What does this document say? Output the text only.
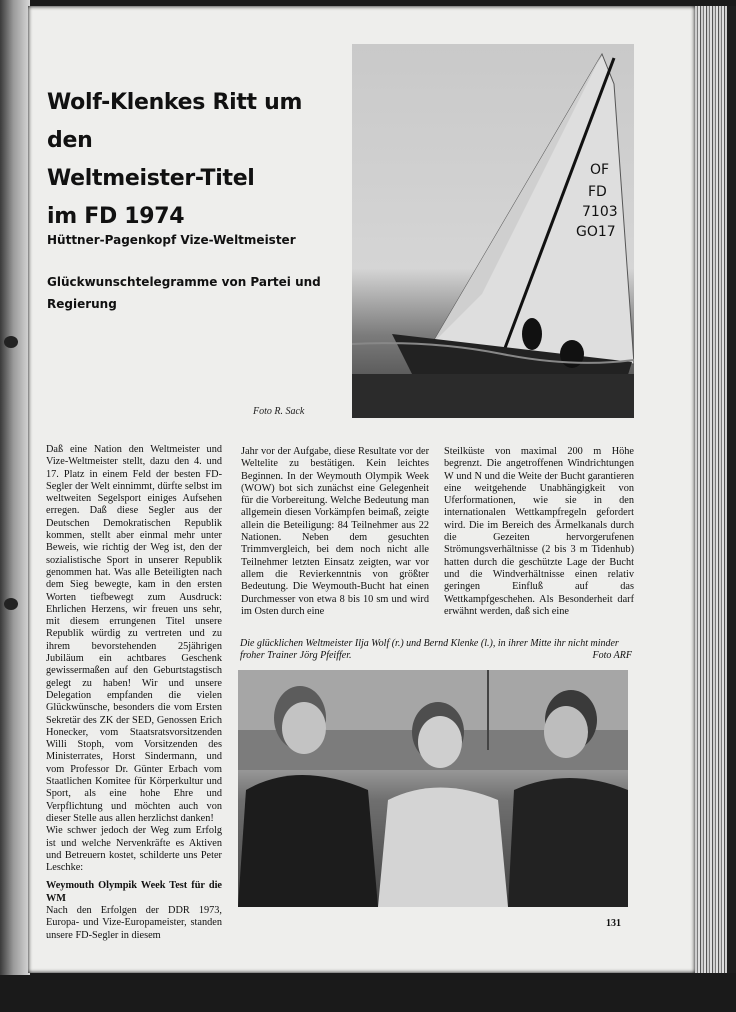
Wolf-Klenkes Ritt um den
Weltmeister-Titel
im FD 1974
Hüttner-Pagenkopf Vize-Weltmeister
Glückwunschtelegramme von Partei und Regierung
OF
FD
7103
GO17
Foto R. Sack

Daß eine Nation den Weltmeister und Vize-Weltmeister stellt, dazu den 4. und 17. Platz in einem Feld der besten FD-Segler der Welt einnimmt, dürfte selbst im weltweiten Segelsport einiges Aufsehen erregen. Daß diese Segler aus der Deutschen Demokratischen Republik kommen, stellt aber einmal mehr unter Beweis, wie richtig der Weg ist, den der sozialistische Sport in unserer Republik genommen hat. Was alle Beteiligten nach dem Sieg bewegte, kam in den ersten Worten tiefbewegt zum Ausdruck: Ehrlichen Herzens, wir freuen uns sehr, mit diesem errungenen Titel unsere Republik würdig zu vertreten und zu ihrem bevorstehenden 25jährigen Jubiläum ein achtbares Geschenk gewissermaßen auf den Geburtstagstisch gelegt zu haben! Wir und unsere Delegation empfanden die vielen Glückwünsche, besonders die vom Ersten Sekretär des ZK der SED, Genossen Erich Honecker, vom Staatsratsvorsitzenden Willi Stoph, vom Vorsitzenden des Ministerrates, Horst Sindermann, und vom Professor Dr. Günter Erbach vom Staatlichen Komitee für Körperkultur und Sport, als eine hohe Ehre und Verpflichtung und möchten auch von dieser Stelle aus allen herzlichst danken!

Wie schwer jedoch der Weg zum Erfolg ist und welche Nervenkräfte es Aktiven und Betreuern kostet, schilderte uns Peter Leschke:

Weymouth Olympik Week Test für die WM

Nach den Erfolgen der DDR 1973, Europa- und Vize-Europameister, standen unsere FD-Segler in diesem

Jahr vor der Aufgabe, diese Resultate vor der Weltelite zu bestätigen. Kein leichtes Beginnen. In der Weymouth Olympik Week (WOW) bot sich zunächst eine Gelegenheit für die Vorbereitung. Welche Bedeutung man allgemein diesen Vorkämpfen beimaß, zeigte allein die Beteiligung: 84 Teilnehmer aus 22 Nationen. Neben dem gesuchten Trimmvergleich, bei dem noch nicht alle Teilnehmer letzten Einsatz zeigten, war vor allem die Revierkenntnis von größter Bedeutung. Die Weymouth-Bucht hat einen Durchmesser von etwa 8 bis 10 sm und wird im Osten durch eine

Steilküste von maximal 200 m Höhe begrenzt. Die angetroffenen Windrichtungen W und N und die Weite der Bucht garantieren eine weitgehende Unabhängigkeit von Uferformationen, wie sie in den internationalen Wettkampfregeln gefordert wird. Die im Bereich des Ärmelkanals durch die Gezeiten hervorgerufenen Strömungsverhältnisse (2 bis 3 m Tidenhub) hatten durch die geschützte Lage der Bucht und die Windverhältnisse einen relativ geringen Einfluß auf das Wettkampfgeschehen. Als Besonderheit darf erwähnt werden, daß sich eine

Die glücklichen Weltmeister Ilja Wolf (r.) und Bernd Klenke (l.), in ihrer Mitte ihr nicht minder froher Trainer Jörg Pfeiffer.	Foto ARF
131
